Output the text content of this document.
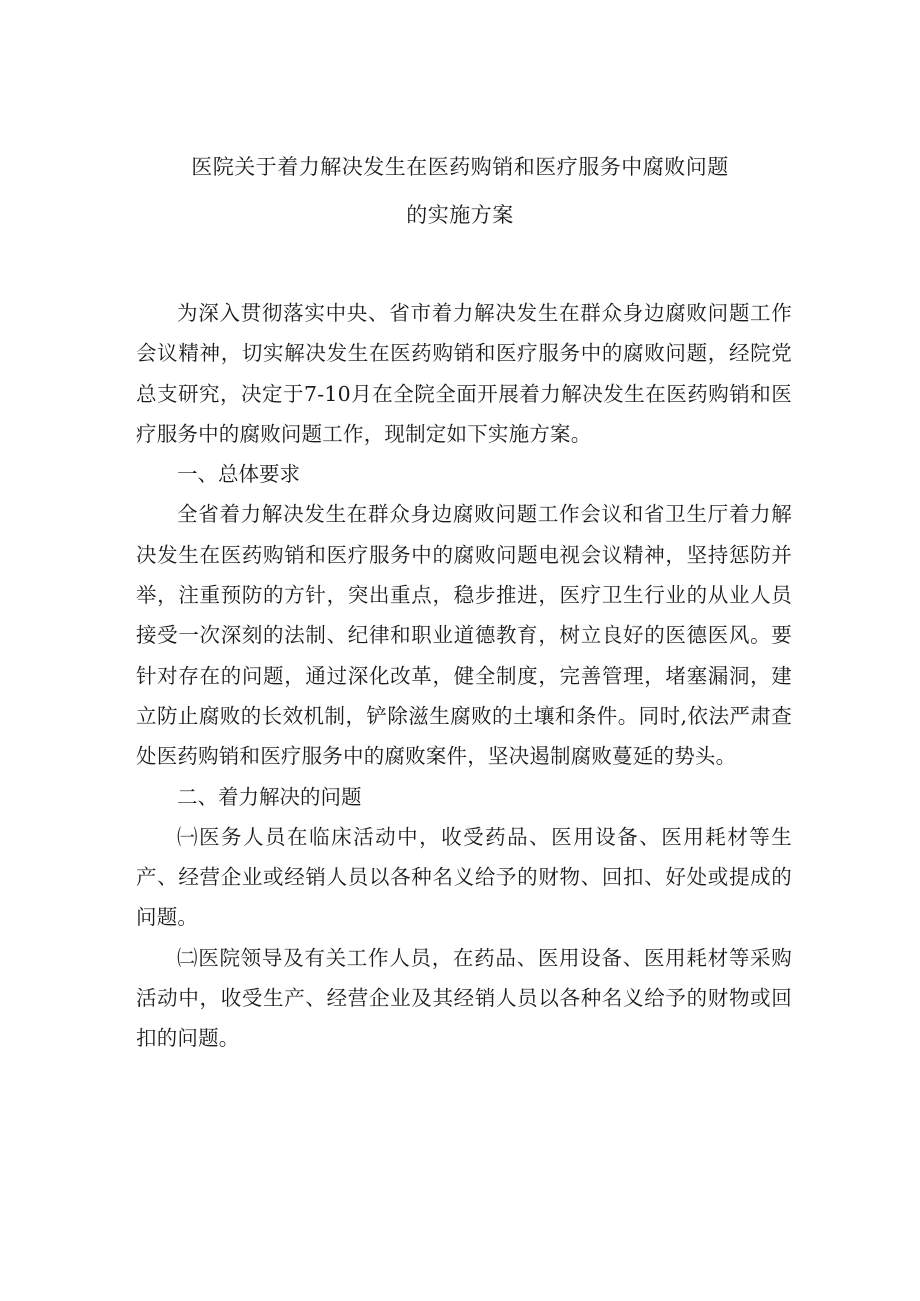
医院关于着力解决发生在医药购销和医疗服务中腐败问题
的实施方案

为深入贯彻落实中央、省市着力解决发生在群众身边腐败问题工作会议精神，切实解决发生在医药购销和医疗服务中的腐败问题，经院党总支研究，决定于7-10月在全院全面开展着力解决发生在医药购销和医疗服务中的腐败问题工作，现制定如下实施方案。

一、总体要求

全省着力解决发生在群众身边腐败问题工作会议和省卫生厅着力解决发生在医药购销和医疗服务中的腐败问题电视会议精神，坚持惩防并举，注重预防的方针，突出重点，稳步推进，医疗卫生行业的从业人员接受一次深刻的法制、纪律和职业道德教育，树立良好的医德医风。要针对存在的问题，通过深化改革，健全制度，完善管理，堵塞漏洞，建立防止腐败的长效机制，铲除滋生腐败的土壤和条件。同时,依法严肃查处医药购销和医疗服务中的腐败案件，坚决遏制腐败蔓延的势头。

二、着力解决的问题

㈠医务人员在临床活动中，收受药品、医用设备、医用耗材等生产、经营企业或经销人员以各种名义给予的财物、回扣、好处或提成的问题。

㈡医院领导及有关工作人员，在药品、医用设备、医用耗材等采购活动中，收受生产、经营企业及其经销人员以各种名义给予的财物或回扣的问题。
